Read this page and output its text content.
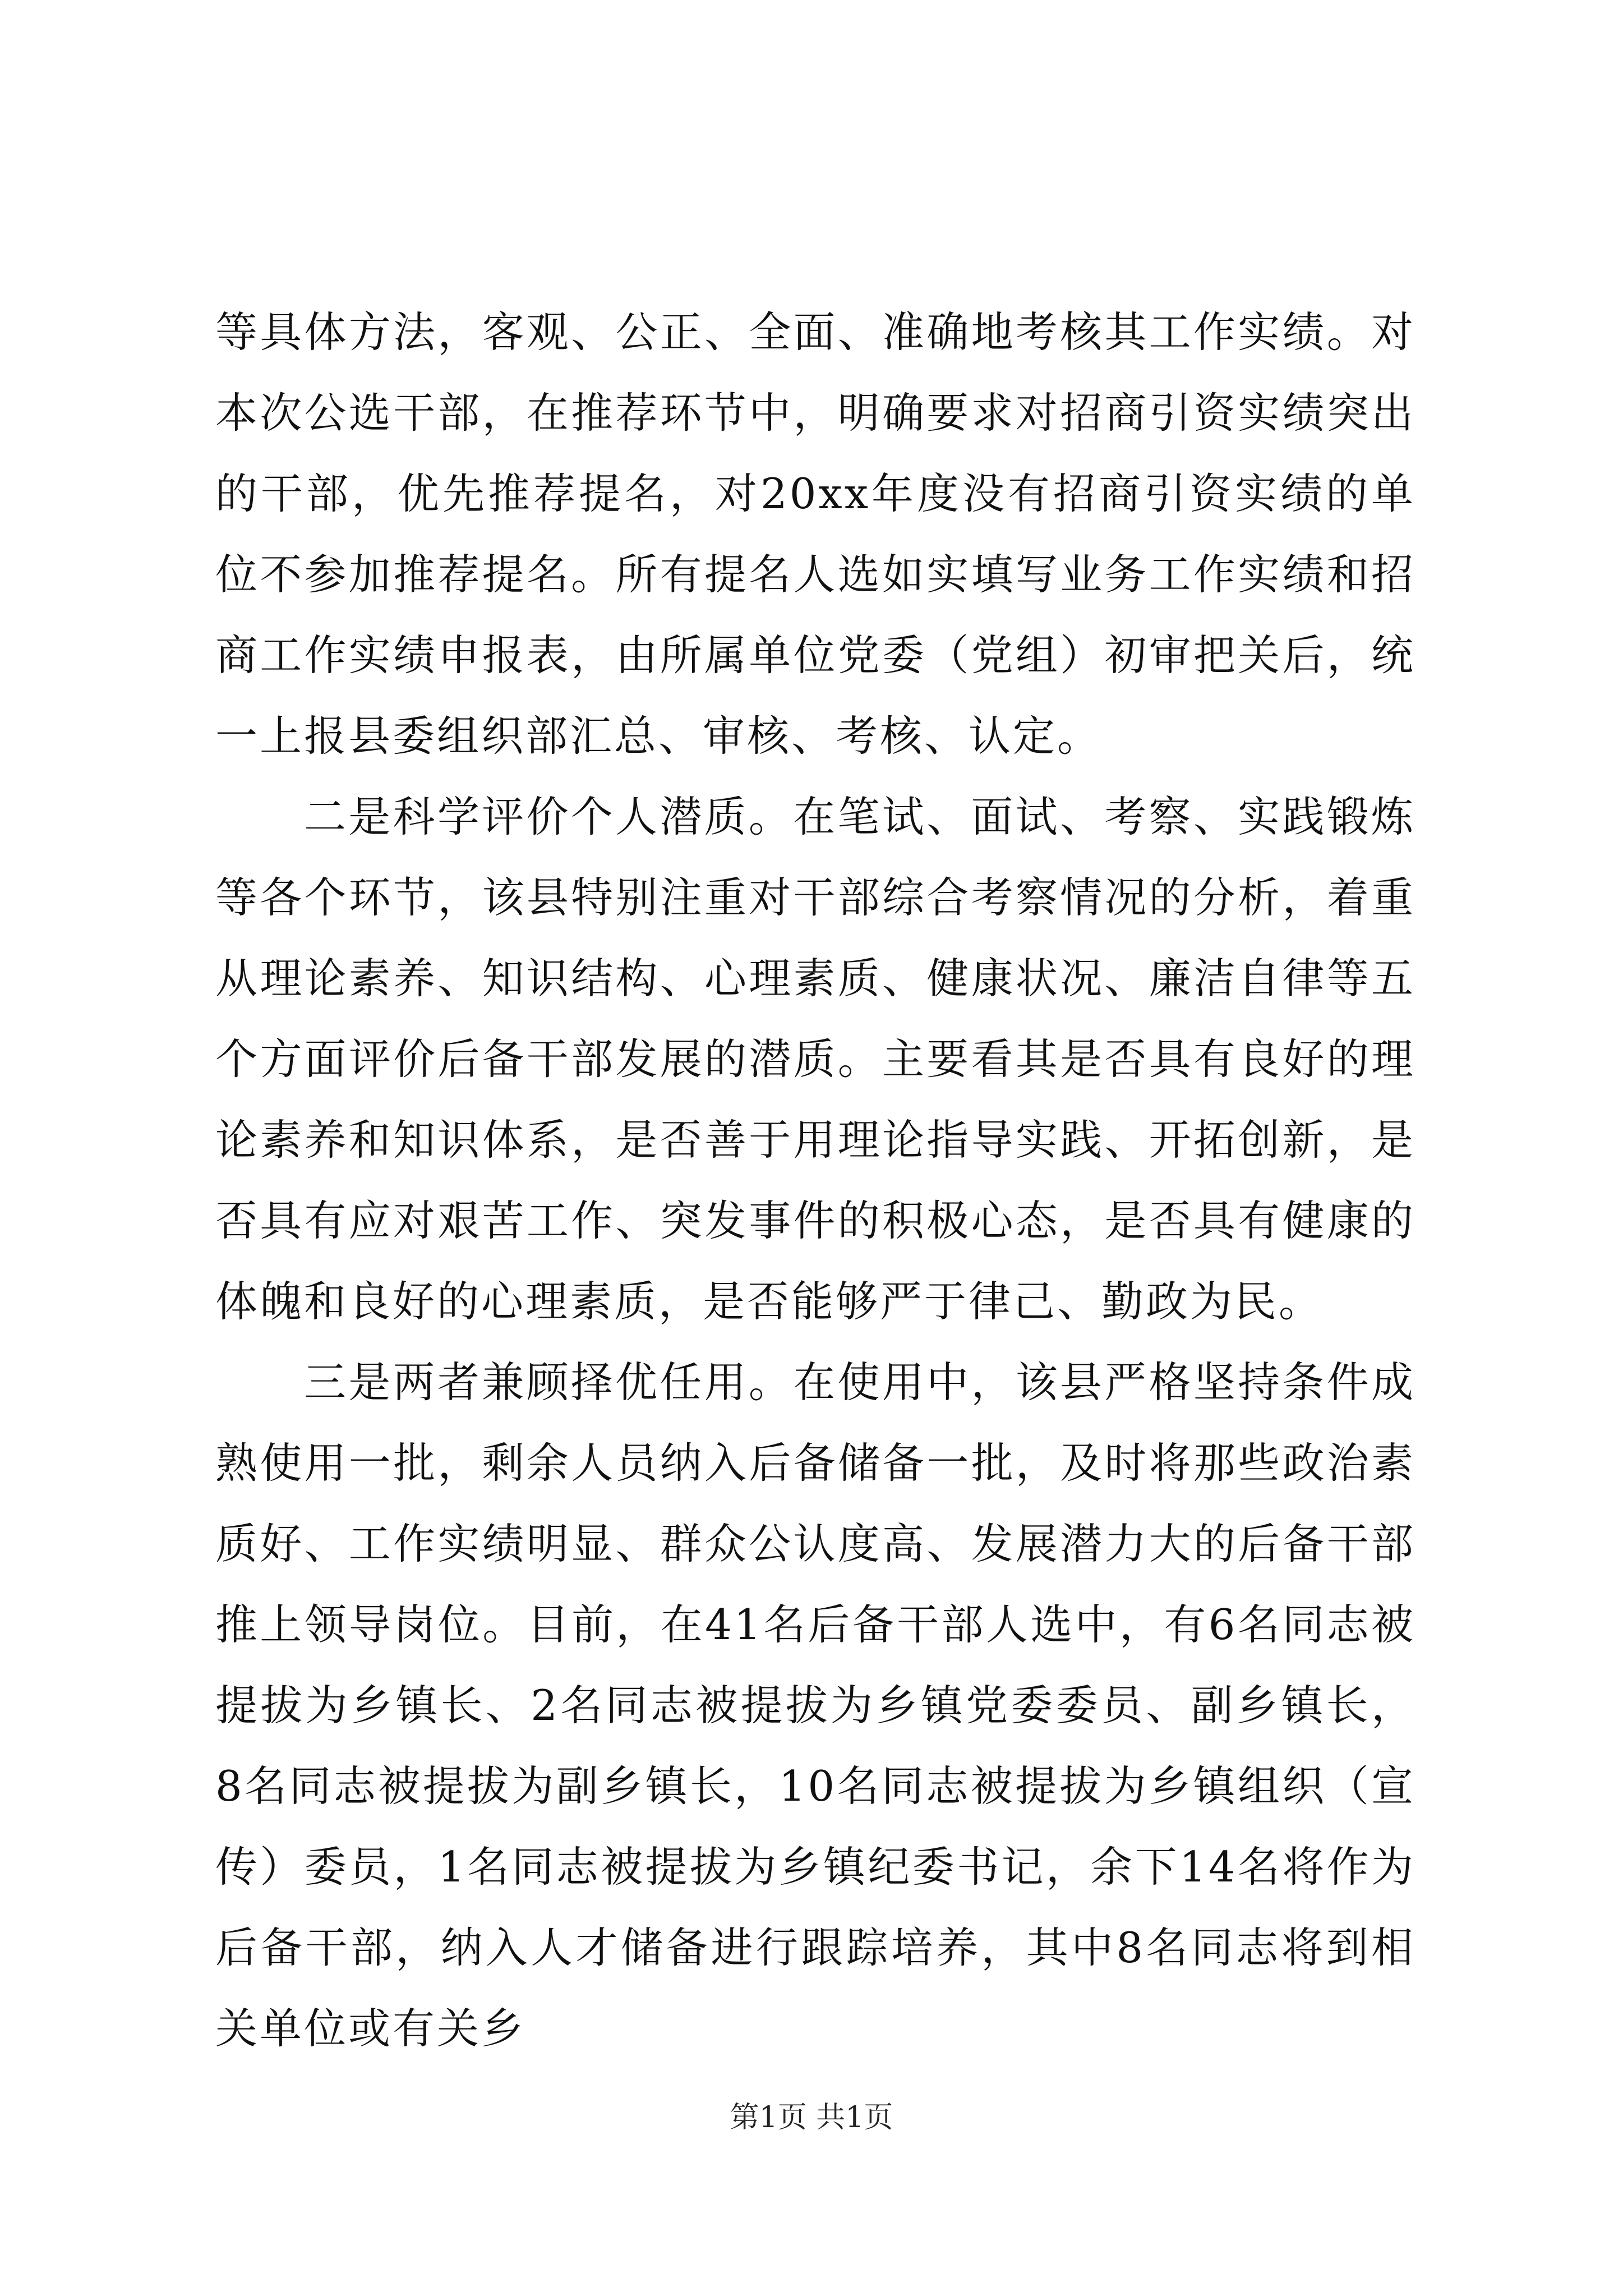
等具体方法，客观、公正、全面、准确地考核其工作实绩。对本次公选干部，在推荐环节中，明确要求对招商引资实绩突出的干部，优先推荐提名，对20xx年度没有招商引资实绩的单位不参加推荐提名。所有提名人选如实填写业务工作实绩和招商工作实绩申报表，由所属单位党委（党组）初审把关后，统一上报县委组织部汇总、审核、考核、认定。

二是科学评价个人潜质。在笔试、面试、考察、实践锻炼等各个环节，该县特别注重对干部综合考察情况的分析，着重从理论素养、知识结构、心理素质、健康状况、廉洁自律等五个方面评价后备干部发展的潜质。主要看其是否具有良好的理论素养和知识体系，是否善于用理论指导实践、开拓创新，是否具有应对艰苦工作、突发事件的积极心态，是否具有健康的体魄和良好的心理素质，是否能够严于律己、勤政为民。

三是两者兼顾择优任用。在使用中，该县严格坚持条件成熟使用一批，剩余人员纳入后备储备一批，及时将那些政治素质好、工作实绩明显、群众公认度高、发展潜力大的后备干部推上领导岗位。目前，在41名后备干部人选中，有6名同志被提拔为乡镇长、2名同志被提拔为乡镇党委委员、副乡镇长，8名同志被提拔为副乡镇长，10名同志被提拔为乡镇组织（宣传）委员，1名同志被提拔为乡镇纪委书记，余下14名将作为后备干部，纳入人才储备进行跟踪培养，其中8名同志将到相关单位或有关乡

第1页 共1页
